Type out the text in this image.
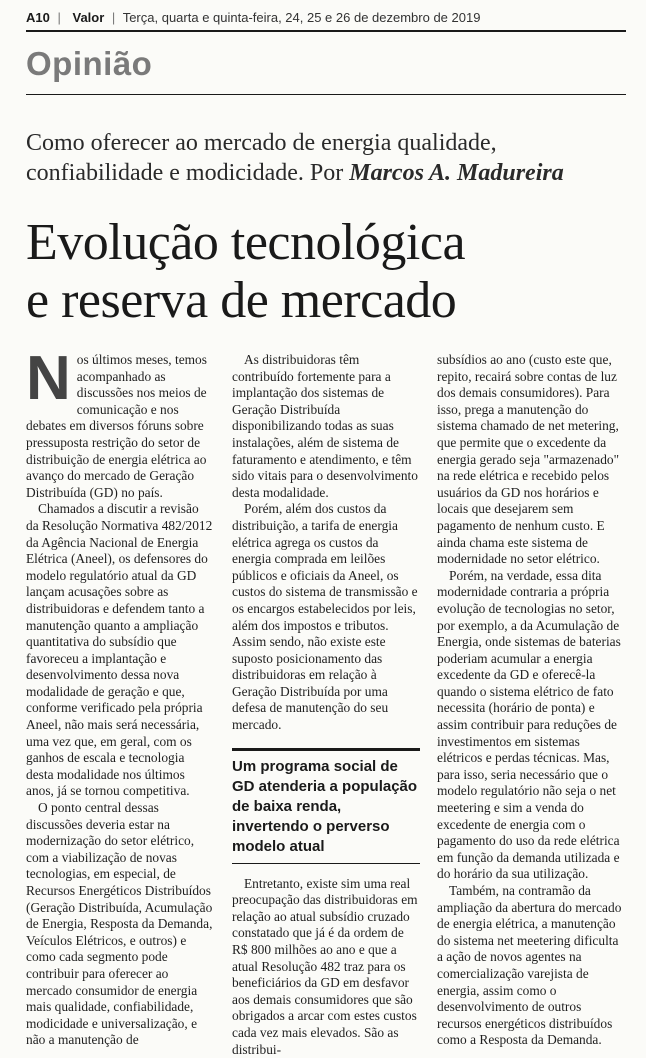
A10 | Valor | Terça, quarta e quinta-feira, 24, 25 e 26 de dezembro de 2019
Opinião
Como oferecer ao mercado de energia qualidade, confiabilidade e modicidade. Por Marcos A. Madureira
Evolução tecnológica
e reserva de mercado

Nos últimos meses, temos acompanhado as discussões nos meios de comunicação e nos debates em diversos fóruns sobre pressuposta restrição do setor de distribuição de energia elétrica ao avanço do mercado de Geração Distribuída (GD) no país.

Chamados a discutir a revisão da Resolução Normativa 482/2012 da Agência Nacional de Energia Elétrica (Aneel), os defensores do modelo regulatório atual da GD lançam acusações sobre as distribuidoras e defendem tanto a manutenção quanto a ampliação quantitativa do subsídio que favoreceu a implantação e desenvolvimento dessa nova modalidade de geração e que, conforme verificado pela própria Aneel, não mais será necessária, uma vez que, em geral, com os ganhos de escala e tecnologia desta modalidade nos últimos anos, já se tornou competitiva.

O ponto central dessas discussões deveria estar na modernização do setor elétrico, com a viabilização de novas tecnologias, em especial, de Recursos Energéticos Distribuídos (Geração Distribuída, Acumulação de Energia, Resposta da Demanda, Veículos Elétricos, e outros) e como cada segmento pode contribuir para oferecer ao mercado consumidor de energia mais qualidade, confiabilidade, modicidade e universalização, e não a manutenção de

As distribuidoras têm contribuído fortemente para a implantação dos sistemas de Geração Distribuída disponibilizando todas as suas instalações, além de sistema de faturamento e atendimento, e têm sido vitais para o desenvolvimento desta modalidade.

Porém, além dos custos da distribuição, a tarifa de energia elétrica agrega os custos da energia comprada em leilões públicos e oficiais da Aneel, os custos do sistema de transmissão e os encargos estabelecidos por leis, além dos impostos e tributos. Assim sendo, não existe este suposto posicionamento das distribuidoras em relação à Geração Distribuída por uma defesa de manutenção do seu mercado.

Um programa social de GD atenderia a população de baixa renda, invertendo o perverso modelo atual

Entretanto, existe sim uma real preocupação das distribuidoras em relação ao atual subsídio cruzado constatado que já é da ordem de R$ 800 milhões ao ano e que a atual Resolução 482 traz para os beneficiários da GD em desfavor aos demais consumidores que são obrigados a arcar com estes custos cada vez mais elevados. São as distribui-

subsídios ao ano (custo este que, repito, recairá sobre contas de luz dos demais consumidores). Para isso, prega a manutenção do sistema chamado de net metering, que permite que o excedente da energia gerado seja "armazenado" na rede elétrica e recebido pelos usuários da GD nos horários e locais que desejarem sem pagamento de nenhum custo. E ainda chama este sistema de modernidade no setor elétrico.

Porém, na verdade, essa dita modernidade contraria a própria evolução de tecnologias no setor, por exemplo, a da Acumulação de Energia, onde sistemas de baterias poderiam acumular a energia excedente da GD e oferecê-la quando o sistema elétrico de fato necessita (horário de ponta) e assim contribuir para reduções de investimentos em sistemas elétricos e perdas técnicas. Mas, para isso, seria necessário que o modelo regulatório não seja o net meetering e sim a venda do excedente de energia com o pagamento do uso da rede elétrica em função da demanda utilizada e do horário da sua utilização.

Também, na contramão da ampliação da abertura do mercado de energia elétrica, a manutenção do sistema net meetering dificulta a ação de novos agentes na comercialização varejista de energia, assim como o desenvolvimento de outros recursos energéticos distribuídos como a Resposta da Demanda.
